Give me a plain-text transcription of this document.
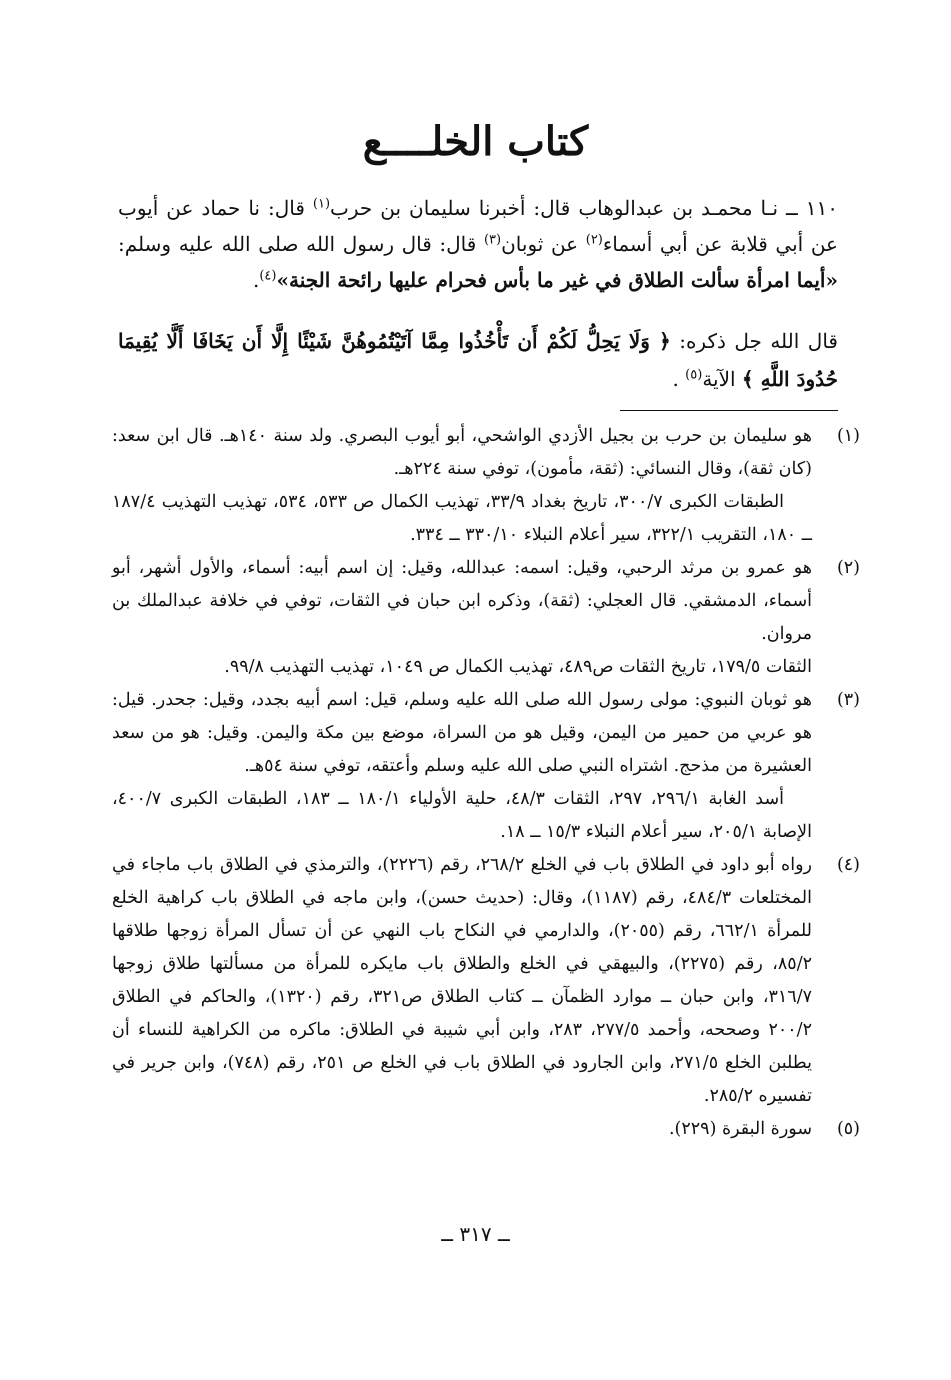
كتاب الخلــــع
١١٠ ــ نـا محمـد بن عبدالوهاب قال: أخبرنا سليمان بن حرب$^{(١)}$ قال: نا حماد عن أيوب عن أبي قلابة عن أبي أسماء$^{(٢)}$ عن ثوبان$^{(٣)}$ قال: قال رسول الله صلى الله عليه وسلم: «أيما امرأة سألت الطلاق في غير ما بأس فحرام عليها رائحة الجنة»$^{(٤)}$.
قال الله جل ذكره: ﴿ وَلَا يَحِلُّ لَكُمْ أَن تَأْخُذُوا مِمَّا آتَيْتُمُوهُنَّ شَيْئًا إِلَّا أَن يَخَافَا أَلَّا يُقِيمَا حُدُودَ اللَّهِ ﴾ الآية$^{(٥)}$ .
(١)

هو سليمان بن حرب بن بجيل الأزدي الواشحي، أبو أيوب البصري. ولد سنة ١٤٠هـ. قال ابن سعد: (كان ثقة)، وقال النسائي: (ثقة، مأمون)، توفي سنة ٢٢٤هـ.

الطبقات الكبرى ٣٠٠/٧، تاريخ بغداد ٣٣/٩، تهذيب الكمال ص ٥٣٣، ٥٣٤، تهذيب التهذيب ١٨٧/٤ ــ ١٨٠، التقريب ٣٢٢/١، سير أعلام النبلاء ٣٣٠/١٠ ــ ٣٣٤.

(٢)

هو عمرو بن مرثد الرحبي، وقيل: اسمه: عبدالله، وقيل: إن اسم أبيه: أسماء، والأول أشهر، أبو أسماء، الدمشقي. قال العجلي: (ثقة)، وذكره ابن حبان في الثقات، توفي في خلافة عبدالملك بن مروان.

الثقات ١٧٩/٥، تاريخ الثقات ص٤٨٩، تهذيب الكمال ص ١٠٤٩، تهذيب التهذيب ٩٩/٨.

(٣)

هو ثوبان النبوي: مولى رسول الله صلى الله عليه وسلم، قيل: اسم أبيه بجدد، وقيل: جحدر. قيل: هو عربي من حمير من اليمن، وقيل هو من السراة، موضع بين مكة واليمن. وقيل: هو من سعد العشيرة من مذحج. اشتراه النبي صلى الله عليه وسلم وأعتقه، توفي سنة ٥٤هـ.

أسد الغابة ٢٩٦/١، ٢٩٧، الثقات ٤٨/٣، حلية الأولياء ١٨٠/١ ــ ١٨٣، الطبقات الكبرى ٤٠٠/٧، الإصابة ٢٠٥/١، سير أعلام النبلاء ١٥/٣ ــ ١٨.

(٤)

رواه أبو داود في الطلاق باب في الخلع ٢٦٨/٢، رقم (٢٢٢٦)، والترمذي في الطلاق باب ماجاء في المختلعات ٤٨٤/٣، رقم (١١٨٧)، وقال: (حديث حسن)، وابن ماجه في الطلاق باب كراهية الخلع للمرأة ٦٦٢/١، رقم (٢٠٥٥)، والدارمي في النكاح باب النهي عن أن تسأل المرأة زوجها طلاقها ٨٥/٢، رقم (٢٢٧٥)، والبيهقي في الخلع والطلاق باب مايكره للمرأة من مسألتها طلاق زوجها ٣١٦/٧، وابن حبان ــ موارد الظمآن ــ كتاب الطلاق ص٣٢١، رقم (١٣٢٠)، والحاكم في الطلاق ٢٠٠/٢ وصححه، وأحمد ٢٧٧/٥، ٢٨٣، وابن أبي شيبة في الطلاق: ماكره من الكراهية للنساء أن يطلبن الخلع ٢٧١/٥، وابن الجارود في الطلاق باب في الخلع ص ٢٥١، رقم (٧٤٨)، وابن جرير في تفسيره ٢٨٥/٢.

(٥)

سورة البقرة (٢٢٩).

ــ ٣١٧ ــ
